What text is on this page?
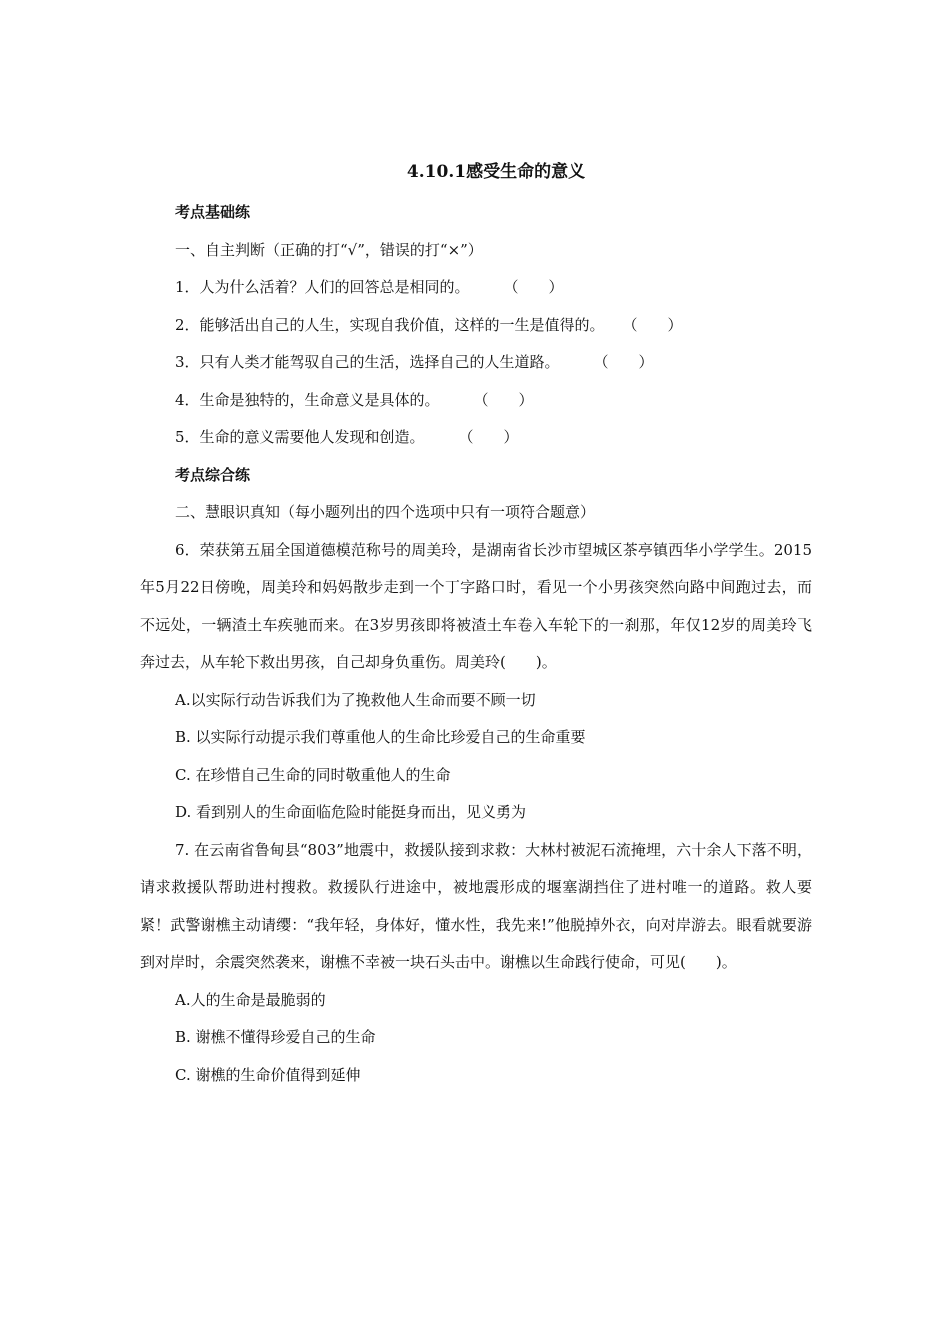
4.10.1感受生命的意义
考点基础练
一、自主判断（正确的打“√”，错误的打“×”）
1．人为什么活着？人们的回答总是相同的。 （　　）
2．能够活出自己的人生，实现自我价值，这样的一生是值得的。 （　　）
3．只有人类才能驾驭自己的生活，选择自己的人生道路。 （　　）
4．生命是独特的，生命意义是具体的。 （　　）
5．生命的意义需要他人发现和创造。 （　　）
考点综合练
二、慧眼识真知（每小题列出的四个选项中只有一项符合题意）
6．荣获第五届全国道德模范称号的周美玲，是湖南省长沙市望城区茶亭镇西华小学学生。2015年5月22日傍晚，周美玲和妈妈散步走到一个丁字路口时，看见一个小男孩突然向路中间跑过去，而不远处，一辆渣土车疾驰而来。在3岁男孩即将被渣土车卷入车轮下的一刹那，年仅12岁的周美玲飞奔过去，从车轮下救出男孩，自己却身负重伤。周美玲(　　)。
A.以实际行动告诉我们为了挽救他人生命而要不顾一切
B. 以实际行动提示我们尊重他人的生命比珍爱自己的生命重要
C. 在珍惜自己生命的同时敬重他人的生命
D. 看到别人的生命面临危险时能挺身而出，见义勇为
7. 在云南省鲁甸县“803”地震中，救援队接到求救：大林村被泥石流掩埋，六十余人下落不明，请求救援队帮助进村搜救。救援队行进途中，被地震形成的堰塞湖挡住了进村唯一的道路。救人要紧！武警谢樵主动请缨：“我年轻，身体好，懂水性，我先来!”他脱掉外衣，向对岸游去。眼看就要游到对岸时，余震突然袭来，谢樵不幸被一块石头击中。谢樵以生命践行使命，可见(　　)。
A.人的生命是最脆弱的
B. 谢樵不懂得珍爱自己的生命
C. 谢樵的生命价值得到延伸
